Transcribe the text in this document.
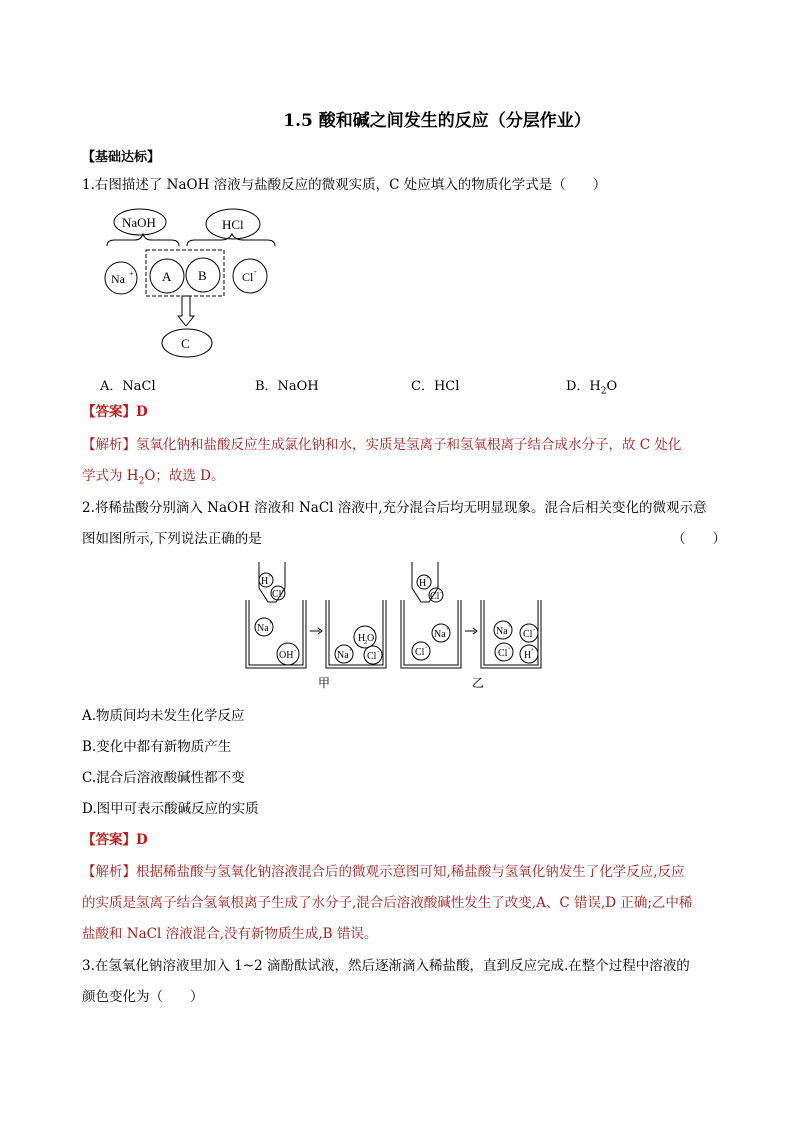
1.5 酸和碱之间发生的反应（分层作业）
【基础达标】
1.右图描述了 NaOH 溶液与盐酸反应的微观实质，C 处应填入的物质化学式是（　　）
NaOH	HCl
Na + A B	Cl -
C
A．NaCl	B．NaOH	C．HCl	D．$H_2O$
【答案】D
【解析】氢氧化钠和盐酸反应生成氯化钠和水，实质是氢离子和氢氧根离子结合成水分子，故 C 处化
学式为 $H_2O$；故选 D。
2.将稀盐酸分别滴入 NaOH 溶液和 NaCl 溶液中,充分混合后均无明显现象。混合后相关变化的微观示意
图如图所示,下列说法正确的是	（　　）
H +
Cl -
Na +
OH -
H
2 O
Na + Cl -
H +
Cl -
Na +
Cl -
Na +
Cl -
Cl -
H +
甲	乙
A.物质间均未发生化学反应
B.变化中都有新物质产生
C.混合后溶液酸碱性都不变
D.图甲可表示酸碱反应的实质
【答案】D
【解析】根据稀盐酸与氢氧化钠溶液混合后的微观示意图可知,稀盐酸与氢氧化钠发生了化学反应,反应
的实质是氢离子结合氢氧根离子生成了水分子,混合后溶液酸碱性发生了改变,A、C 错误,D 正确;乙中稀
盐酸和 NaCl 溶液混合,没有新物质生成,B 错误。
3.在氢氧化钠溶液里加入 1~2 滴酚酞试液，然后逐渐滴入稀盐酸，直到反应完成.在整个过程中溶液的
颜色变化为（　　）
